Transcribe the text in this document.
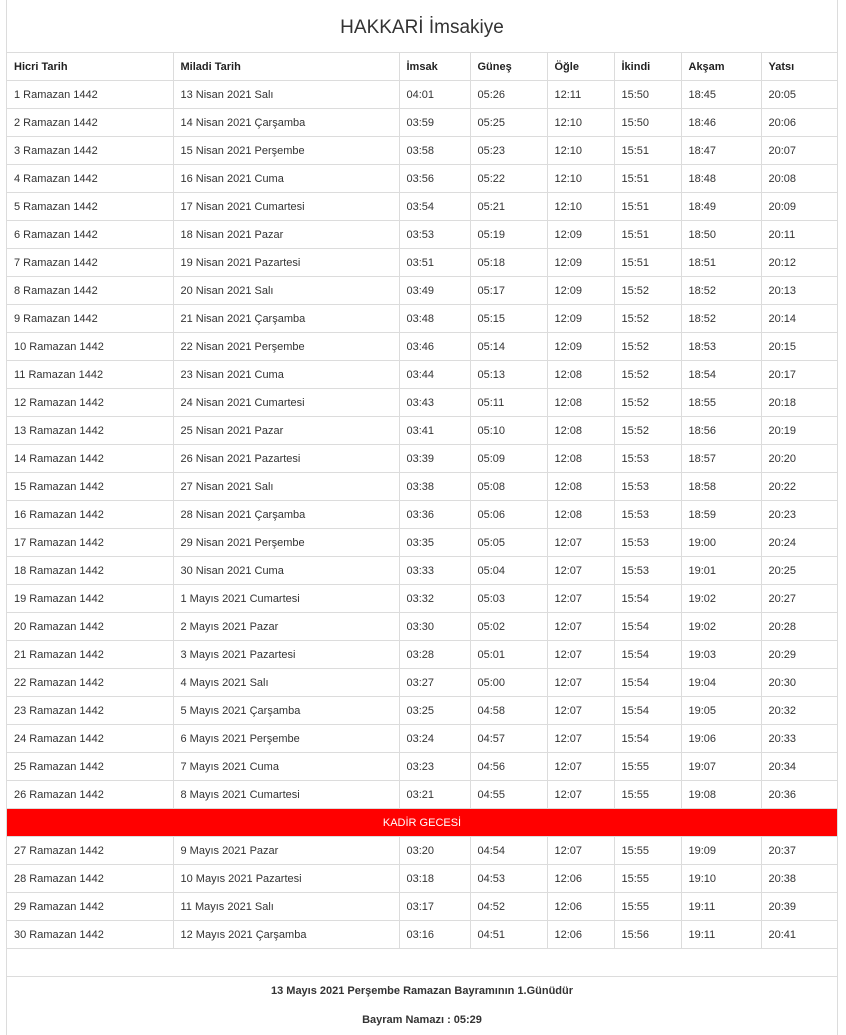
HAKKARİ İmsakiye
Hicri Tarih	Miladi Tarih	İmsak	Güneş	Öğle	İkindi	Akşam	Yatsı
1 Ramazan 1442	13 Nisan 2021 Salı	04:01	05:26	12:11	15:50	18:45	20:05
2 Ramazan 1442	14 Nisan 2021 Çarşamba	03:59	05:25	12:10	15:50	18:46	20:06
3 Ramazan 1442	15 Nisan 2021 Perşembe	03:58	05:23	12:10	15:51	18:47	20:07
4 Ramazan 1442	16 Nisan 2021 Cuma	03:56	05:22	12:10	15:51	18:48	20:08
5 Ramazan 1442	17 Nisan 2021 Cumartesi	03:54	05:21	12:10	15:51	18:49	20:09
6 Ramazan 1442	18 Nisan 2021 Pazar	03:53	05:19	12:09	15:51	18:50	20:11
7 Ramazan 1442	19 Nisan 2021 Pazartesi	03:51	05:18	12:09	15:51	18:51	20:12
8 Ramazan 1442	20 Nisan 2021 Salı	03:49	05:17	12:09	15:52	18:52	20:13
9 Ramazan 1442	21 Nisan 2021 Çarşamba	03:48	05:15	12:09	15:52	18:52	20:14
10 Ramazan 1442	22 Nisan 2021 Perşembe	03:46	05:14	12:09	15:52	18:53	20:15
11 Ramazan 1442	23 Nisan 2021 Cuma	03:44	05:13	12:08	15:52	18:54	20:17
12 Ramazan 1442	24 Nisan 2021 Cumartesi	03:43	05:11	12:08	15:52	18:55	20:18
13 Ramazan 1442	25 Nisan 2021 Pazar	03:41	05:10	12:08	15:52	18:56	20:19
14 Ramazan 1442	26 Nisan 2021 Pazartesi	03:39	05:09	12:08	15:53	18:57	20:20
15 Ramazan 1442	27 Nisan 2021 Salı	03:38	05:08	12:08	15:53	18:58	20:22
16 Ramazan 1442	28 Nisan 2021 Çarşamba	03:36	05:06	12:08	15:53	18:59	20:23
17 Ramazan 1442	29 Nisan 2021 Perşembe	03:35	05:05	12:07	15:53	19:00	20:24
18 Ramazan 1442	30 Nisan 2021 Cuma	03:33	05:04	12:07	15:53	19:01	20:25
19 Ramazan 1442	1 Mayıs 2021 Cumartesi	03:32	05:03	12:07	15:54	19:02	20:27
20 Ramazan 1442	2 Mayıs 2021 Pazar	03:30	05:02	12:07	15:54	19:02	20:28
21 Ramazan 1442	3 Mayıs 2021 Pazartesi	03:28	05:01	12:07	15:54	19:03	20:29
22 Ramazan 1442	4 Mayıs 2021 Salı	03:27	05:00	12:07	15:54	19:04	20:30
23 Ramazan 1442	5 Mayıs 2021 Çarşamba	03:25	04:58	12:07	15:54	19:05	20:32
24 Ramazan 1442	6 Mayıs 2021 Perşembe	03:24	04:57	12:07	15:54	19:06	20:33
25 Ramazan 1442	7 Mayıs 2021 Cuma	03:23	04:56	12:07	15:55	19:07	20:34
26 Ramazan 1442	8 Mayıs 2021 Cumartesi	03:21	04:55	12:07	15:55	19:08	20:36
KADİR GECESİ							
27 Ramazan 1442	9 Mayıs 2021 Pazar	03:20	04:54	12:07	15:55	19:09	20:37
28 Ramazan 1442	10 Mayıs 2021 Pazartesi	03:18	04:53	12:06	15:55	19:10	20:38
29 Ramazan 1442	11 Mayıs 2021 Salı	03:17	04:52	12:06	15:55	19:11	20:39
30 Ramazan 1442	12 Mayıs 2021 Çarşamba	03:16	04:51	12:06	15:56	19:11	20:41
13 Mayıs 2021 Perşembe Ramazan Bayramının 1.Günüdür
Bayram Namazı : 05:29
